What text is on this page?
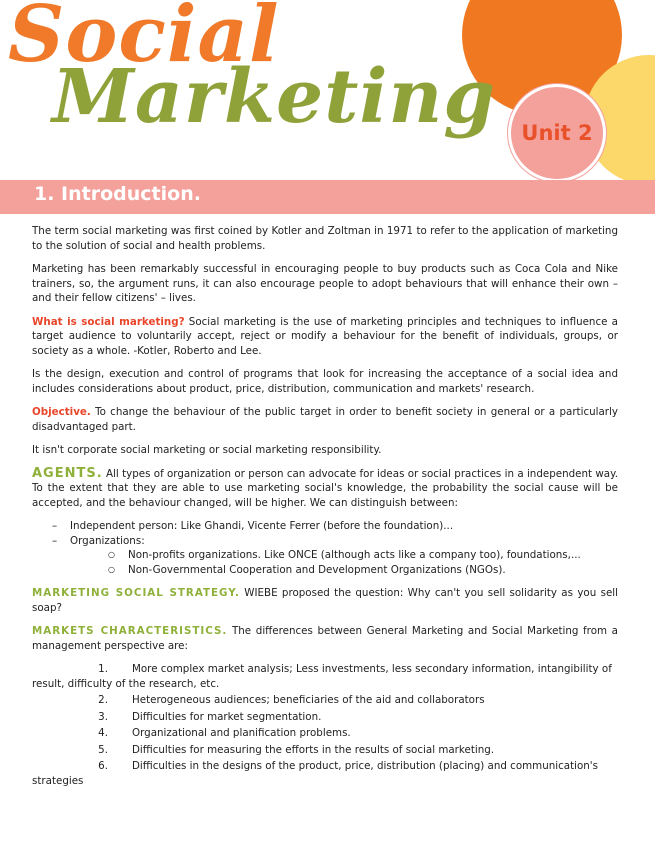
Unit 2
Social
Marketing
1. Introduction.

The term social marketing was first coined by Kotler and Zoltman in 1971 to refer to the application of marketing to the solution of social and health problems.

Marketing has been remarkably successful in encouraging people to buy products such as Coca Cola and Nike trainers, so, the argument runs, it can also encourage people to adopt behaviours that will enhance their own – and their fellow citizens' – lives.

What is social marketing? Social marketing is the use of marketing principles and techniques to influence a target audience to voluntarily accept, reject or modify a behaviour for the benefit of individuals, groups, or society as a whole. -Kotler, Roberto and Lee.

Is the design, execution and control of programs that look for increasing the acceptance of a social idea and includes considerations about product, price, distribution, communication and markets' research.

Objective. To change the behaviour of the public target in order to benefit society in general or a particularly disadvantaged part.

It isn't corporate social marketing or social marketing responsibility.

AGENTS. All types of organization or person can advocate for ideas or social practices in a independent way. To the extent that they are able to use marketing social's knowledge, the probability the social cause will be accepted, and the behaviour changed, will be higher. We can distinguish between:

– Independent person: Like Ghandi, Vicente Ferrer (before the foundation)...
– Organizations:
○ Non-profits organizations. Like ONCE (although acts like a company too), foundations,...
○ Non-Governmental Cooperation and Development Organizations (NGOs).

MARKETING SOCIAL STRATEGY. WIEBE proposed the question: Why can't you sell solidarity as you sell soap?

MARKETS CHARACTERISTICS. The differences between General Marketing and Social Marketing from a management perspective are:

1. More complex market analysis; Less investments, less secondary information, intangibility of result, difficulty of the research, etc.
2. Heterogeneous audiences; beneficiaries of the aid and collaborators
3. Difficulties for market segmentation.
4. Organizational and planification problems.
5. Difficulties for measuring the efforts in the results of social marketing.
6. Difficulties in the designs of the product, price, distribution (placing) and communication's strategies
